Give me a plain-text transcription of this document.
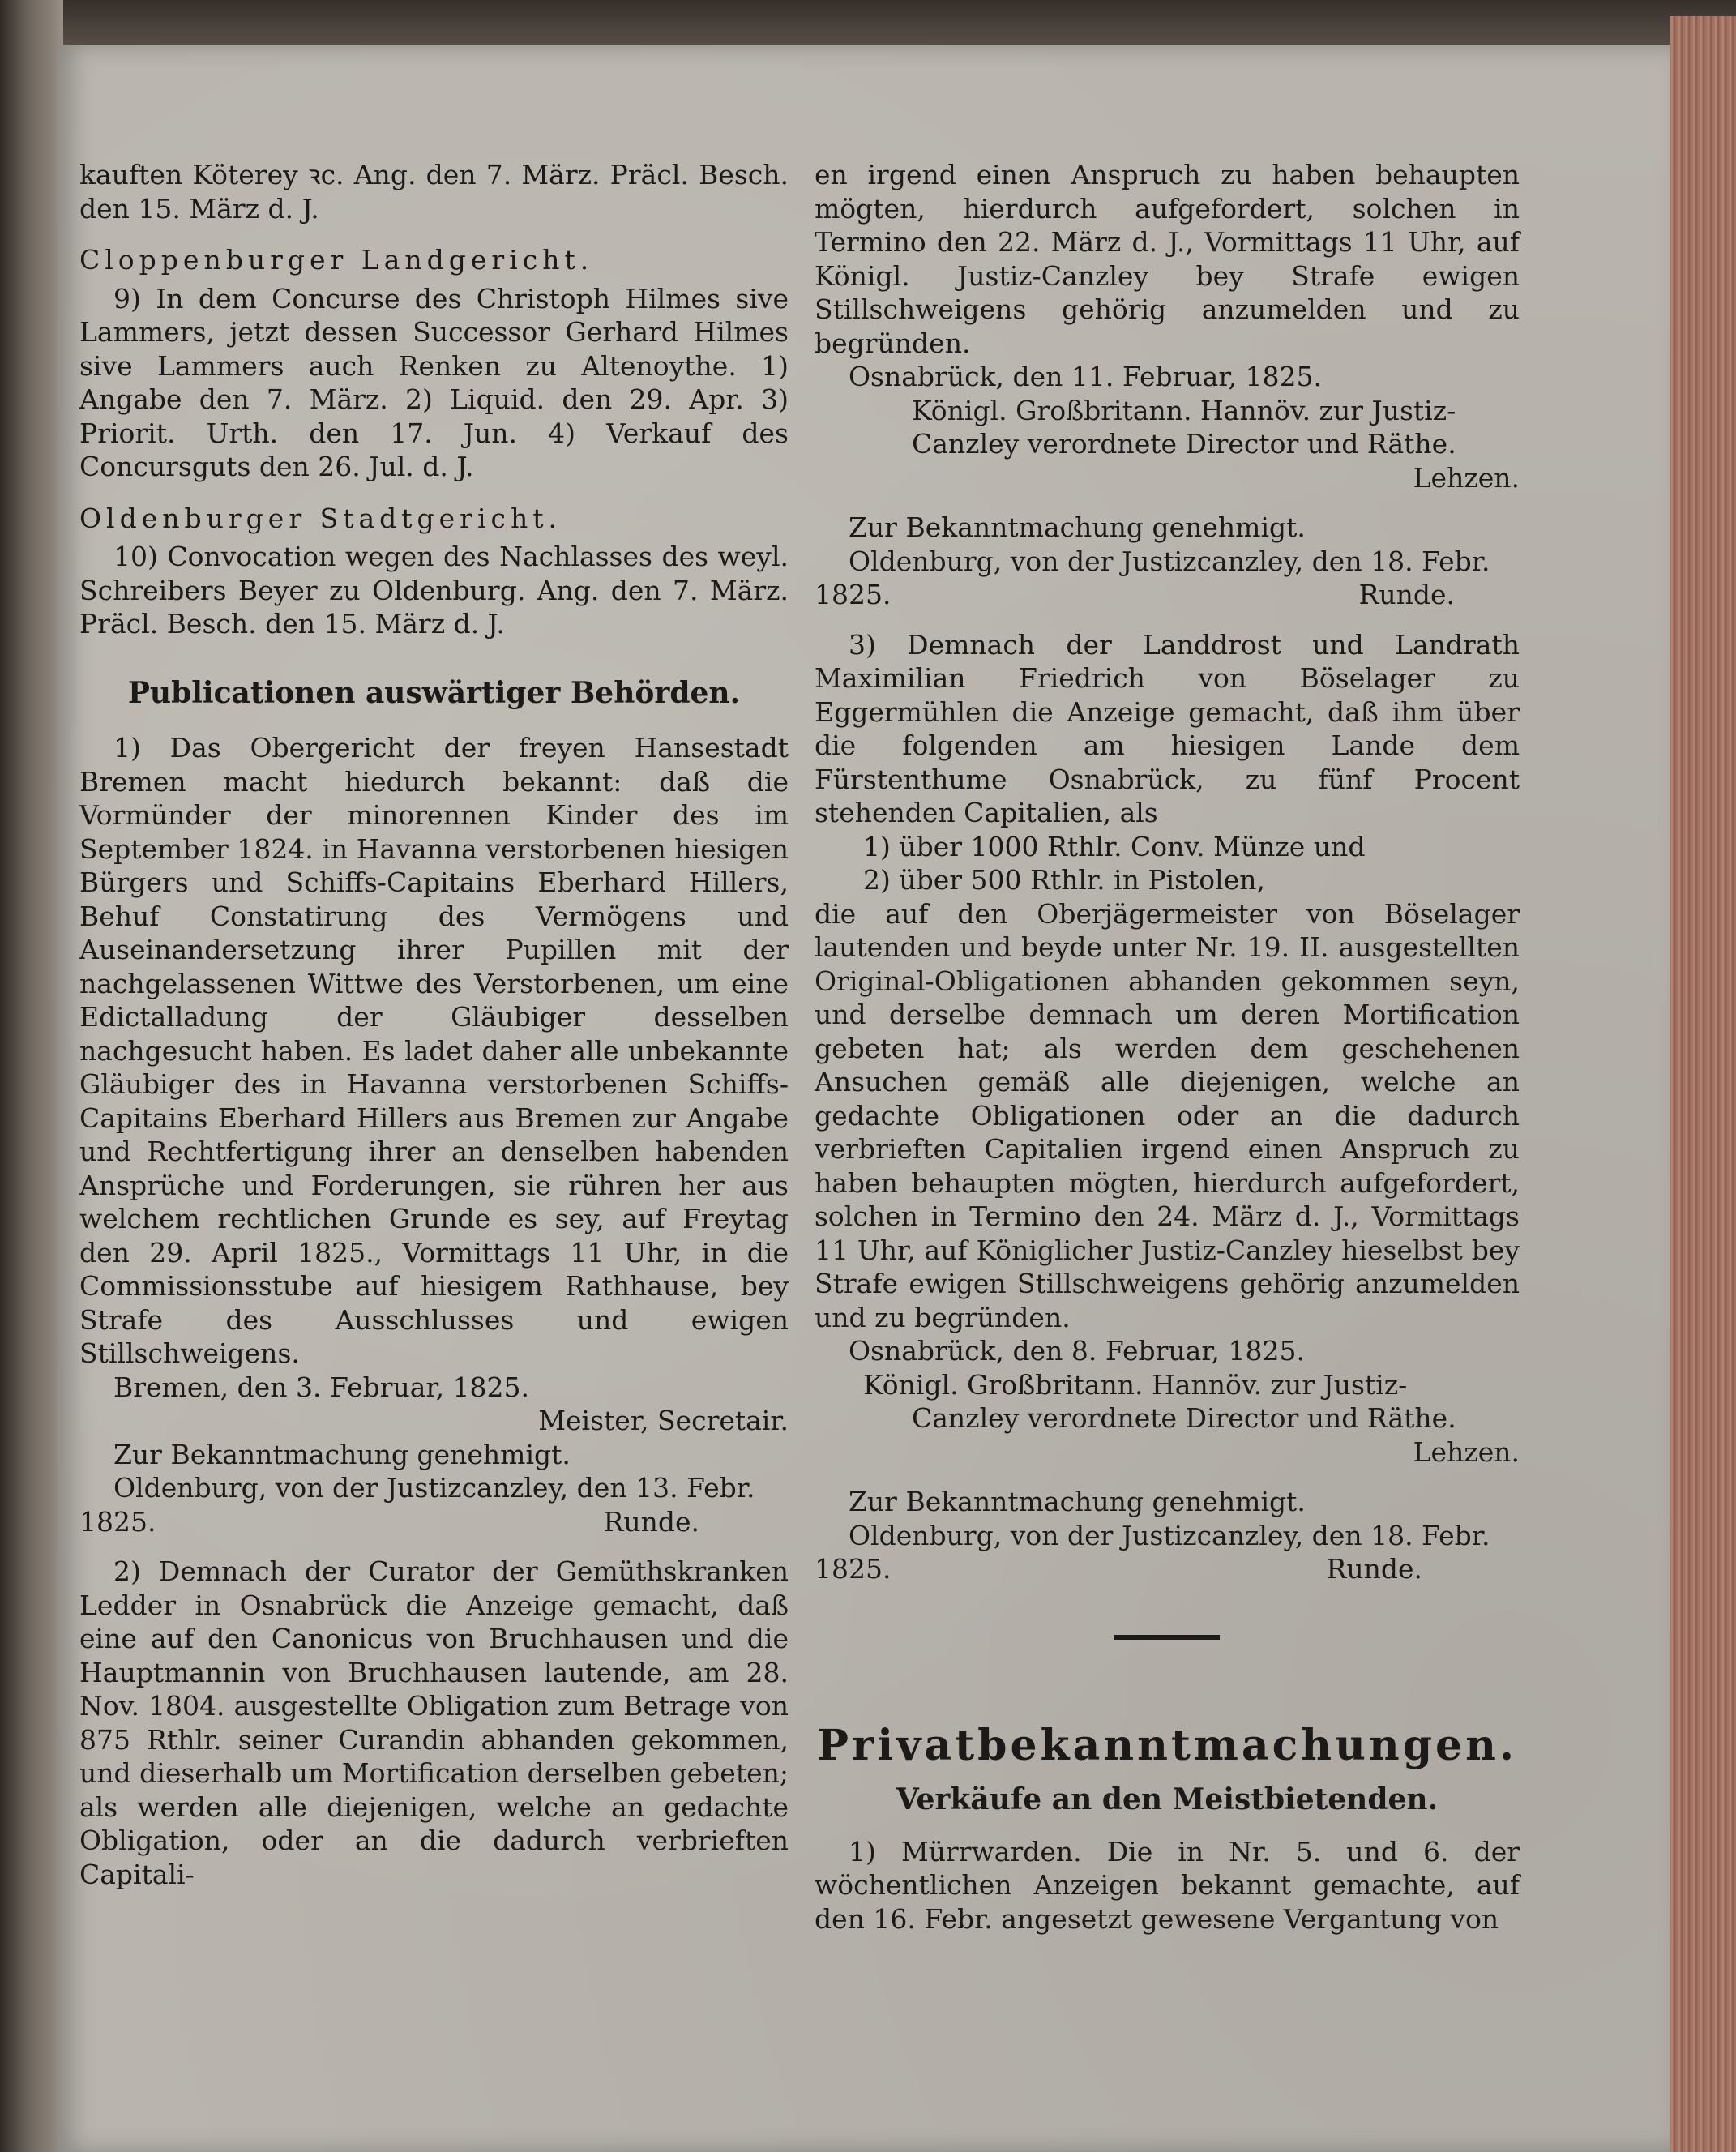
kauften Köterey ꝛc. Ang. den 7. März. Präcl. Besch. den 15. März d. J.

Cloppenburger Landgericht.

9) In dem Concurse des Christoph Hilmes sive Lammers, jetzt dessen Successor Gerhard Hilmes sive Lammers auch Renken zu Altenoythe. 1) Angabe den 7. März. 2) Liquid. den 29. Apr. 3) Priorit. Urth. den 17. Jun. 4) Verkauf des Concursguts den 26. Jul. d. J.

Oldenburger Stadtgericht.

10) Convocation wegen des Nachlasses des weyl. Schreibers Beyer zu Oldenburg. Ang. den 7. März. Präcl. Besch. den 15. März d. J.

Publicationen auswärtiger Behörden.

1) Das Obergericht der freyen Hansestadt Bremen macht hiedurch bekannt: daß die Vormünder der minorennen Kinder des im September 1824. in Havanna verstorbenen hiesigen Bürgers und Schiffs-Capitains Eberhard Hillers, Behuf Constatirung des Vermögens und Auseinandersetzung ihrer Pupillen mit der nachgelassenen Wittwe des Verstorbenen, um eine Edictalladung der Gläubiger desselben nachgesucht haben. Es ladet daher alle unbekannte Gläubiger des in Havanna verstorbenen Schiffs-Capitains Eberhard Hillers aus Bremen zur Angabe und Rechtfertigung ihrer an denselben habenden Ansprüche und Forderungen, sie rühren her aus welchem rechtlichen Grunde es sey, auf Freytag den 29. April 1825., Vormittags 11 Uhr, in die Commissionsstube auf hiesigem Rathhause, bey Strafe des Ausschlusses und ewigen Stillschweigens.

Bremen, den 3. Februar, 1825.

Meister, Secretair.

Zur Bekanntmachung genehmigt.

Oldenburg, von der Justizcanzley, den 13. Febr.

1825.	Runde.

2) Demnach der Curator der Gemüthskranken Ledder in Osnabrück die Anzeige gemacht, daß eine auf den Canonicus von Bruchhausen und die Hauptmannin von Bruchhausen lautende, am 28. Nov. 1804. ausgestellte Obligation zum Betrage von 875 Rthlr. seiner Curandin abhanden gekommen, und dieserhalb um Mortification derselben gebeten; als werden alle diejenigen, welche an gedachte Obligation, oder an die dadurch verbrieften Capitali-

en irgend einen Anspruch zu haben behaupten mögten, hierdurch aufgefordert, solchen in Termino den 22. März d. J., Vormittags 11 Uhr, auf Königl. Justiz-Canzley bey Strafe ewigen Stillschweigens gehörig anzumelden und zu begründen.

Osnabrück, den 11. Februar, 1825.

Königl. Großbritann. Hannöv. zur Justiz-

Canzley verordnete Director und Räthe.

Lehzen.

Zur Bekanntmachung genehmigt.

Oldenburg, von der Justizcanzley, den 18. Febr.

1825.	Runde.

3) Demnach der Landdrost und Landrath Maximilian Friedrich von Böselager zu Eggermühlen die Anzeige gemacht, daß ihm über die folgenden am hiesigen Lande dem Fürstenthume Osnabrück, zu fünf Procent stehenden Capitalien, als

1) über 1000 Rthlr. Conv. Münze und

2) über 500 Rthlr. in Pistolen,

die auf den Oberjägermeister von Böselager lautenden und beyde unter Nr. 19. II. ausgestellten Original-Obligationen abhanden gekommen seyn, und derselbe demnach um deren Mortification gebeten hat; als werden dem geschehenen Ansuchen gemäß alle diejenigen, welche an gedachte Obligationen oder an die dadurch verbrieften Capitalien irgend einen Anspruch zu haben behaupten mögten, hierdurch aufgefordert, solchen in Termino den 24. März d. J., Vormittags 11 Uhr, auf Königlicher Justiz-Canzley hieselbst bey Strafe ewigen Stillschweigens gehörig anzumelden und zu begründen.

Osnabrück, den 8. Februar, 1825.

Königl. Großbritann. Hannöv. zur Justiz-

Canzley verordnete Director und Räthe.

Lehzen.

Zur Bekanntmachung genehmigt.

Oldenburg, von der Justizcanzley, den 18. Febr.

1825.	Runde.

Privatbekanntmachungen.

Verkäufe an den Meistbietenden.

1) Mürrwarden. Die in Nr. 5. und 6. der wöchentlichen Anzeigen bekannt gemachte, auf den 16. Febr. angesetzt gewesene Vergantung von
